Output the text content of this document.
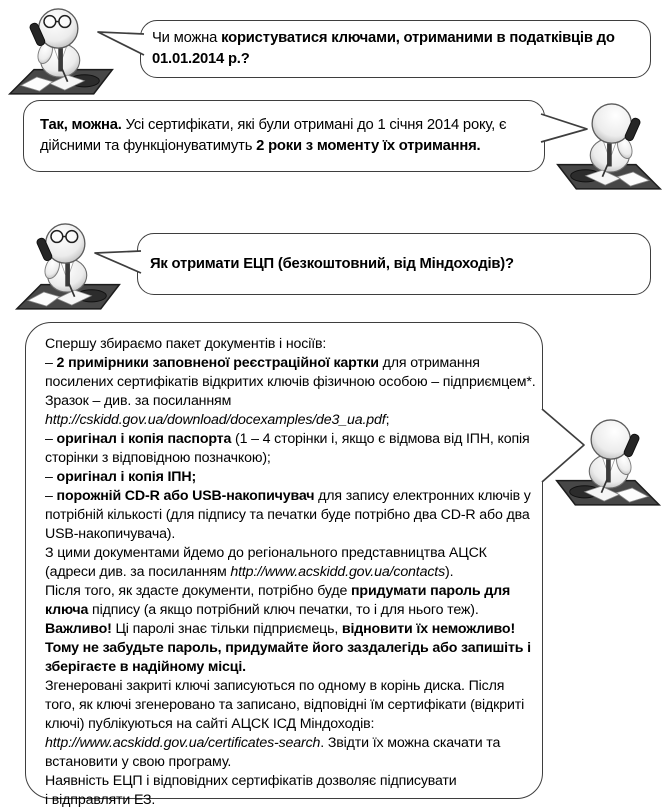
Чи можна користуватися ключами, отриманими в податківців до 01.01.2014 р.?

Так, можна. Усі сертифікати, які були отримані до 1 січня 2014 року, є дійсними та функціонуватимуть 2 роки з моменту їх отримання.

Як отримати ЕЦП (безкоштовний, від Міндоходів)?

Спершу збираємо пакет документів і носіїв:
– 2 примірники заповненої реєстраційної картки для отримання посилених сертифікатів відкритих ключів фізичною особою – підприємцем*. Зразок – див. за посиланням http://cskidd.gov.ua/download/docexamples/de3_ua.pdf;
– оригінал і копія паспорта (1 – 4 сторінки і, якщо є відмова від ІПН, копія сторінки з відповідною позначкою);
– оригінал і копія ІПН;
– порожній CD-R або USB-накопичувач для запису електронних ключів у потрібній кількості (для підпису та печатки буде потрібно два CD-R або два USB-накопичувача).
З цими документами йдемо до регіонального представництва АЦСК (адреси див. за посиланням http://www.acskidd.gov.ua/contacts).
Після того, як здасте документи, потрібно буде придумати пароль для ключа підпису (а якщо потрібний ключ печатки, то і для нього теж).
Важливо! Ці паролі знає тільки підприємець, відновити їх неможливо!
Тому не забудьте пароль, придумайте його заздалегідь або запишіть і зберігаєте в надійному місці.
Згенеровані закриті ключі записуються по одному в корінь диска. Після того, як ключі згенеровано та записано, відповідні їм сертифікати (відкриті ключі) публікуються на сайті АЦСК ІСД Міндоходів: http://www.acskidd.gov.ua/certificates-search. Звідти їх можна скачати та встановити у свою програму.
Наявність ЕЦП і відповідних сертифікатів дозволяє підписувати
і відправляти ЕЗ.
